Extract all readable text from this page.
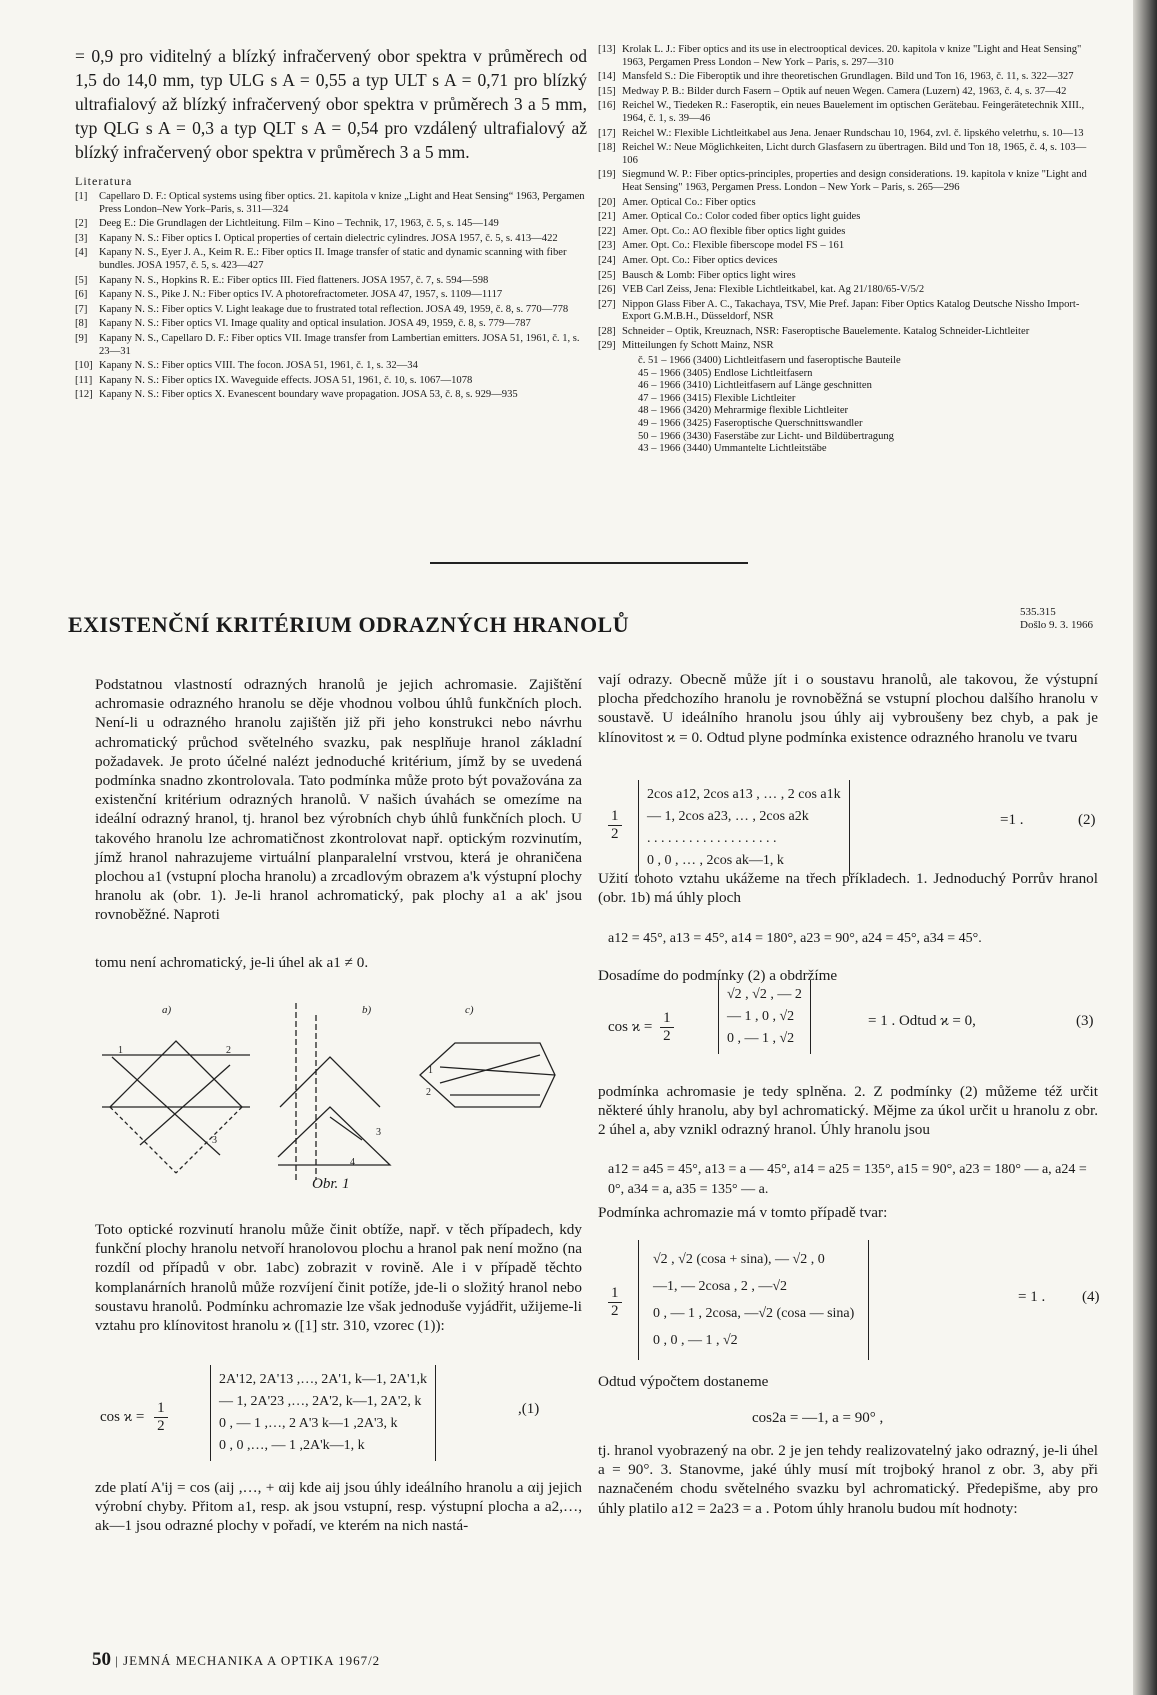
= 0,9 pro viditelný a blízký infračervený obor spektra v průměrech od 1,5 do 14,0 mm, typ ULG s A = 0,55 a typ ULT s A = 0,71 pro blízký ultrafialový až blízký infračervený obor spektra v průměrech 3 a 5 mm, typ QLG s A = 0,3 a typ QLT s A = 0,54 pro vzdálený ultrafialový až blízký infračervený obor spektra v průměrech 3 a 5 mm.

Literatura

[1] Capellaro D. F.: Optical systems using fiber optics. 21. kapitola v knize „Light and Heat Sensing“ 1963, Pergamen Press London–New York–Paris, s. 311—324

[2] Deeg E.: Die Grundlagen der Lichtleitung. Film – Kino – Technik, 17, 1963, č. 5, s. 145—149

[3] Kapany N. S.: Fiber optics I. Optical properties of certain dielectric cylindres. JOSA 1957, č. 5, s. 413—422

[4] Kapany N. S., Eyer J. A., Keim R. E.: Fiber optics II. Image transfer of static and dynamic scanning with fiber bundles. JOSA 1957, č. 5, s. 423—427

[5] Kapany N. S., Hopkins R. E.: Fiber optics III. Fied flatteners. JOSA 1957, č. 7, s. 594—598

[6] Kapany N. S., Pike J. N.: Fiber optics IV. A photorefractometer. JOSA 47, 1957, s. 1109—1117

[7] Kapany N. S.: Fiber optics V. Light leakage due to frustrated total reflection. JOSA 49, 1959, č. 8, s. 770—778

[8] Kapany N. S.: Fiber optics VI. Image quality and optical insulation. JOSA 49, 1959, č. 8, s. 779—787

[9] Kapany N. S., Capellaro D. F.: Fiber optics VII. Image transfer from Lambertian emitters. JOSA 51, 1961, č. 1, s. 23—31

[10] Kapany N. S.: Fiber optics VIII. The focon. JOSA 51, 1961, č. 1, s. 32—34

[11] Kapany N. S.: Fiber optics IX. Waveguide effects. JOSA 51, 1961, č. 10, s. 1067—1078

[12] Kapany N. S.: Fiber optics X. Evanescent boundary wave propagation. JOSA 53, č. 8, s. 929—935

[13] Krolak L. J.: Fiber optics and its use in electrooptical devices. 20. kapitola v knize "Light and Heat Sensing" 1963, Pergamen Press London – New York – Paris, s. 297—310

[14] Mansfeld S.: Die Fiberoptik und ihre theoretischen Grundlagen. Bild und Ton 16, 1963, č. 11, s. 322—327

[15] Medway P. B.: Bilder durch Fasern – Optik auf neuen Wegen. Camera (Luzern) 42, 1963, č. 4, s. 37—42

[16] Reichel W., Tiedeken R.: Faseroptik, ein neues Bauelement im optischen Gerätebau. Feingerätetechnik XIII., 1964, č. 1, s. 39—46

[17] Reichel W.: Flexible Lichtleitkabel aus Jena. Jenaer Rundschau 10, 1964, zvl. č. lipského veletrhu, s. 10—13

[18] Reichel W.: Neue Möglichkeiten, Licht durch Glasfasern zu übertragen. Bild und Ton 18, 1965, č. 4, s. 103—106

[19] Siegmund W. P.: Fiber optics-principles, properties and design considerations. 19. kapitola v knize "Light and Heat Sensing" 1963, Pergamen Press. London – New York – Paris, s. 265—296

[20] Amer. Optical Co.: Fiber optics

[21] Amer. Optical Co.: Color coded fiber optics light guides

[22] Amer. Opt. Co.: AO flexible fiber optics light guides

[23] Amer. Opt. Co.: Flexible fiberscope model FS – 161

[24] Amer. Opt. Co.: Fiber optics devices

[25] Bausch & Lomb: Fiber optics light wires

[26] VEB Carl Zeiss, Jena: Flexible Lichtleitkabel, kat. Ag 21/180/65-V/5/2

[27] Nippon Glass Fiber A. C., Takachaya, TSV, Mie Pref. Japan: Fiber Optics Katalog Deutsche Nissho Import-Export G.M.B.H., Düsseldorf, NSR

[28] Schneider – Optik, Kreuznach, NSR: Faseroptische Bauelemente. Katalog Schneider-Lichtleiter

[29] Mitteilungen fy Schott Mainz, NSR

č. 51 – 1966 (3400) Lichtleitfasern und faseroptische Bauteile

45 – 1966 (3405) Endlose Lichtleitfasern

46 – 1966 (3410) Lichtleitfasern auf Länge geschnitten

47 – 1966 (3415) Flexible Lichtleiter

48 – 1966 (3420) Mehrarmige flexible Lichtleiter

49 – 1966 (3425) Faseroptische Querschnittswandler

50 – 1966 (3430) Faserstäbe zur Licht- und Bildübertragung

43 – 1966 (3440) Ummantelte Lichtleitstäbe

EXISTENČNÍ KRITÉRIUM ODRAZNÝCH HRANOLŮ	535.315
Došlo 9. 3. 1966

Podstatnou vlastností odrazných hranolů je jejich achromasie. Zajištění achromasie odrazného hranolu se děje vhodnou volbou úhlů funkčních ploch. Není-li u odrazného hranolu zajištěn již při jeho konstrukci nebo návrhu achromatický průchod světelného svazku, pak nesplňuje hranol základní požadavek. Je proto účelné nalézt jednoduché kritérium, jímž by se uvedená podmínka snadno zkontrolovala. Tato podmínka může proto být považována za existenční kritérium odrazných hranolů. V našich úvahách se omezíme na ideální odrazný hranol, tj. hranol bez výrobních chyb úhlů funkčních ploch. U takového hranolu lze achromatičnost zkontrolovat např. optickým rozvinutím, jímž hranol nahrazujeme virtuální planparalelní vrstvou, která je ohraničena plochou a1 (vstupní plocha hranolu) a zrcadlovým obrazem a'k výstupní plochy hranolu ak (obr. 1). Je-li hranol achromatický, pak plochy a1 a ak' jsou rovnoběžné. Naproti

tomu není achromatický, je-li úhel ak a1 ≠ 0.

a)
1	2
3
b)
3
4
c)
1
2
Obr. 1

Toto optické rozvinutí hranolu může činit obtíže, např. v těch případech, kdy funkční plochy hranolu netvoří hranolovou plochu a hranol pak není možno (na rozdíl od případů v obr. 1abc) zobrazit v rovině. Ale i v případě těchto komplanárních hranolů může rozvíjení činit potíže, jde-li o složitý hranol nebo soustavu hranolů. Podmínku achromazie lze však jednoduše vyjádřit, užijeme-li vztahu pro klínovitost hranolu ϰ ([1] str. 310, vzorec (1)):

$\cos ϰ = \frac{1}{2}$
2A'12, 2A'13 ,…, 2A'1, k—1, 2A'1,k
— 1, 2A'23 ,…, 2A'2, k—1, 2A'2, k
0 , — 1 ,…, 2 A'3 k—1 ,2A'3, k
0 , 0 ,…, — 1 ,2A'k—1, k
,(1)

zde platí A'ij = cos (aij ,…, + αij kde aij jsou úhly ideálního hranolu a αij jejich výrobní chyby. Přitom a1, resp. ak jsou vstupní, resp. výstupní plocha a a2,…, ak—1 jsou odrazné plochy v pořadí, ve kterém na nich nastá-

vají odrazy. Obecně může jít i o soustavu hranolů, ale takovou, že výstupní plocha předchozího hranolu je rovnoběžná se vstupní plochou dalšího hranolu v soustavě. U ideálního hranolu jsou úhly aij vybroušeny bez chyb, a pak je klínovitost ϰ = 0. Odtud plyne podmínka existence odrazného hranolu ve tvaru

$\frac{1}{2}$
2cos a12, 2cos a13 , … , 2 cos a1k
— 1, 2cos a23, … , 2cos a2k
. . . . . . . . . . . . . . . . . . .
0 , 0 , … , 2cos ak—1, k
=1 .	(2)

Užití tohoto vztahu ukážeme na třech příkladech. 1. Jednoduchý Porrův hranol (obr. 1b) má úhly ploch

a12 = 45°, a13 = 45°, a14 = 180°, a23 = 90°, a24 = 45°, a34 = 45°.

Dosadíme do podmínky (2) a obdržíme

$\cos ϰ = \frac{1}{2}$
√2 , √2 , — 2
— 1 , 0 , √2
0 , — 1 , √2
= 1 . Odtud ϰ = 0,	(3)

podmínka achromasie je tedy splněna. 2. Z podmínky (2) můžeme též určit některé úhly hranolu, aby byl achromatický. Mějme za úkol určit u hranolu z obr. 2 úhel a, aby vznikl odrazný hranol. Úhly hranolu jsou

a12 = a45 = 45°, a13 = a — 45°, a14 = a25 = 135°, a15 = 90°, a23 = 180° — a, a24 = 0°, a34 = a, a35 = 135° — a.

Podmínka achromazie má v tomto případě tvar:

$\frac{1}{2}$
√2 , √2 (cosa + sina), — √2 , 0
—1, — 2cosa , 2 , —√2
0 , — 1 , 2cosa, —√2 (cosa — sina)
0 , 0 , — 1 , √2
= 1 . (4)

Odtud výpočtem dostaneme

cos2a = —1, a = 90° ,

tj. hranol vyobrazený na obr. 2 je jen tehdy realizovatelný jako odrazný, je-li úhel a = 90°. 3. Stanovme, jaké úhly musí mít trojboký hranol z obr. 3, aby při naznačeném chodu světelného svazku byl achromatický. Předepišme, aby pro úhly platilo a12 = 2a23 = a . Potom úhly hranolu budou mít hodnoty:

50 | JEMNÁ MECHANIKA A OPTIKA 1967/2
